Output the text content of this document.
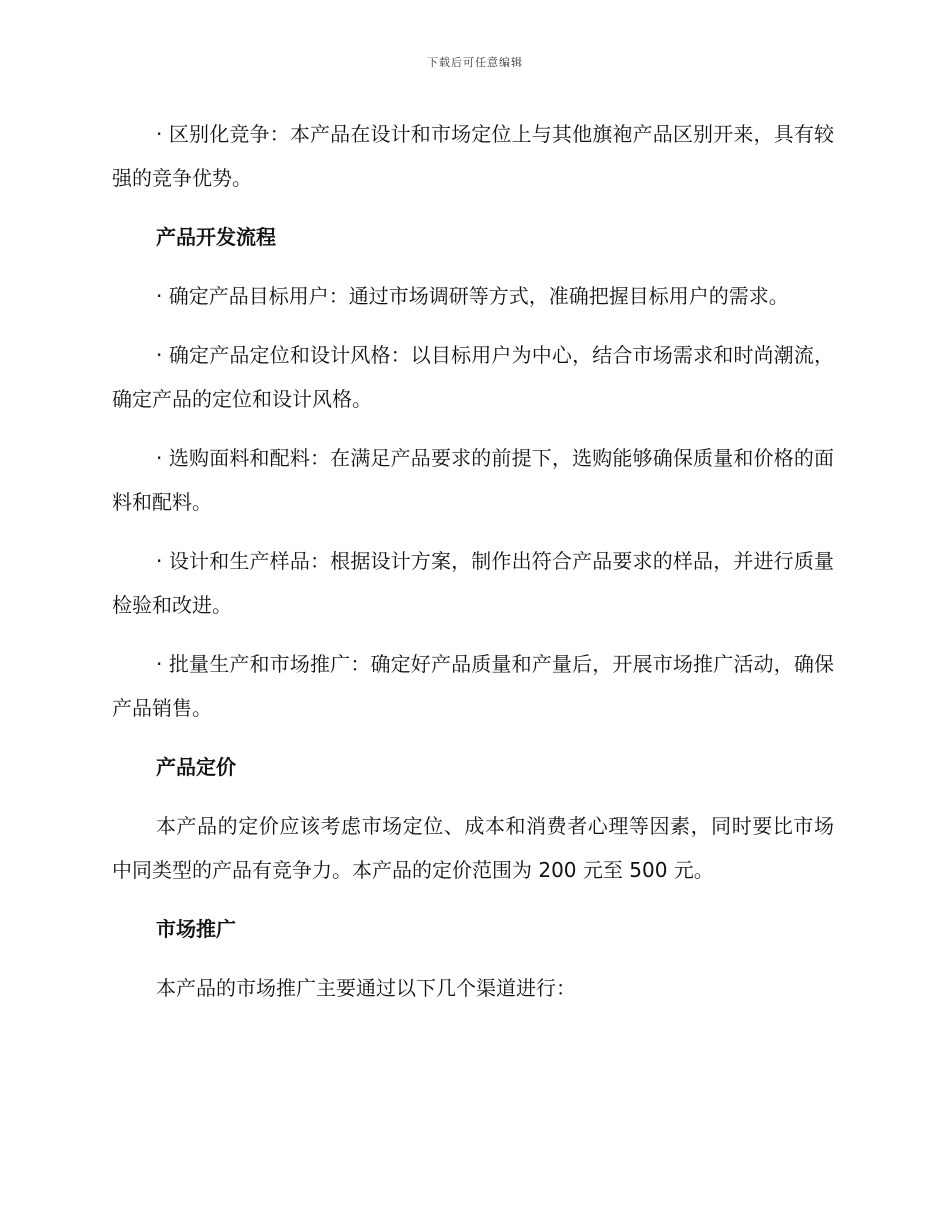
下载后可任意编辑

· 区别化竞争：本产品在设计和市场定位上与其他旗袍产品区别开来，具有较强的竞争优势。

产品开发流程

· 确定产品目标用户：通过市场调研等方式，准确把握目标用户的需求。

· 确定产品定位和设计风格：以目标用户为中心，结合市场需求和时尚潮流，确定产品的定位和设计风格。

· 选购面料和配料：在满足产品要求的前提下，选购能够确保质量和价格的面料和配料。

· 设计和生产样品：根据设计方案，制作出符合产品要求的样品，并进行质量检验和改进。

· 批量生产和市场推广：确定好产品质量和产量后，开展市场推广活动，确保产品销售。

产品定价

本产品的定价应该考虑市场定位、成本和消费者心理等因素，同时要比市场中同类型的产品有竞争力。本产品的定价范围为 200 元至 500 元。

市场推广

本产品的市场推广主要通过以下几个渠道进行：
